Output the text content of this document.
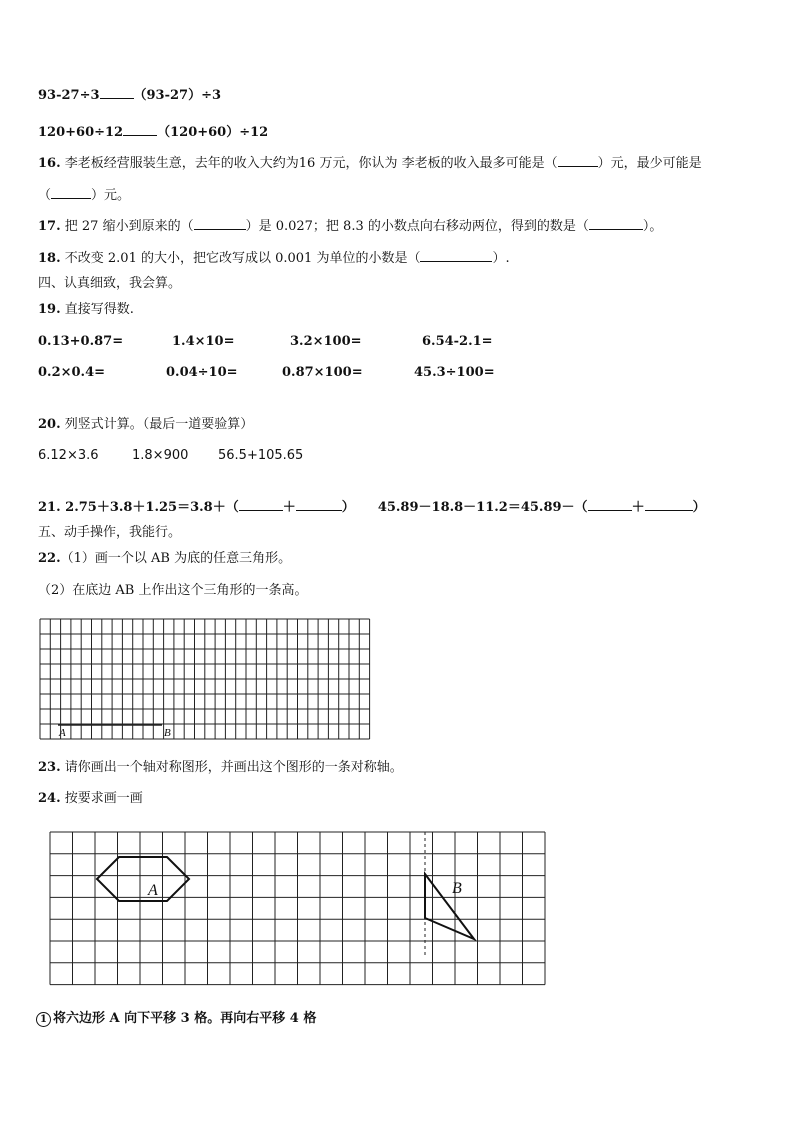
93-27÷3	（93-27）÷3
120+60÷12	（120+60）÷12
16. 李老板经营服装生意，去年的收入大约为16 万元，你认为 李老板的收入最多可能是（	）元，最少可能是
（	）元。
17. 把 27 缩小到原来的（	）是 0.027；把 8.3 的小数点向右移动两位，得到的数是（	）。
18. 不改变 2.01 的大小，把它改写成以 0.001 为单位的小数是（	）.
四、认真细致，我会算。
19. 直接写得数.
0.13+0.87=	1.4×10=	3.2×100=	6.54-2.1=
0.2×0.4=	0.04÷10=	0.87×100=	45.3÷100=
20. 列竖式计算。（最后一道要验算）
6.12×3.6	1.8×900 56.5+105.65
21. 2.75＋3.8＋1.25＝3.8＋（	＋	） 45.89－18.8－11.2＝45.89－（	＋	）
五、动手操作，我能行。
22.（1）画一个以 AB 为底的任意三角形。
（2）在底边 AB 上作出这个三角形的一条高。
A	B
23. 请你画出一个轴对称图形，并画出这个图形的一条对称轴。
24. 按要求画一画
A	B
1 将六边形 A 向下平移 3 格。再向右平移 4 格
